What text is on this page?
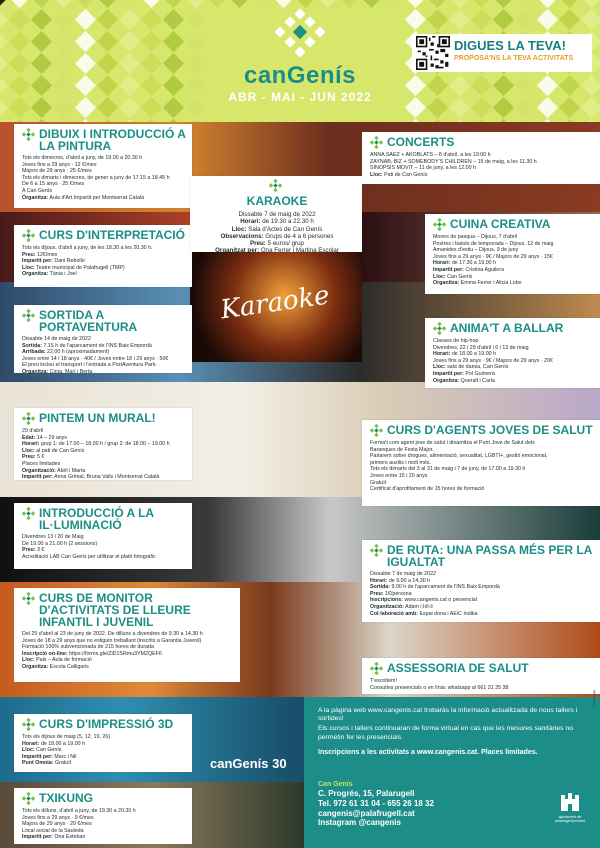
canGenís
ABR - MAI - JUN 2022
DIGUES LA TEVA!
PROPOSA'NS LA TEVA ACTIVITATS
Karaoke
DIBUIX I INTRODUCCIÓ A LA PINTURA
Tots els dimecres, d'abril a juny, de 19.00 a 20.30 h
Joves fins a 29 anys · 12 €/mes
Majors de 29 anys · 25 €/mes
Tots els dimarts i dimecres, de gener a juny de 17.15 a 18.45 h
De 6 a 15 anys · 25 €/mes
A Can Genís
Organitza: Aula d'Art Impartit per Montserrat Català
CURS D'INTERPRETACIÓ
Tots els dijous, d'abril a juny, de les 18.30 a les 20.30 h.
Preu: 12€/mes
Impartit per: Dani Rebollo
Lloc: Teatre municipal de Palafrugell (TMP)
Organitza: Tània i Joel
SORTIDA A PORTAVENTURA
Dissabte 14 de maig de 2022
Sortida: 7.15 h de l'aparcament de l'INS Baix Empordà
Arribada: 22.00 h (aproximadament)
Joves entre 14 i 18 anys · 40€ / Joves entre 18 i 29 anys · 50€
El preu inclou el transport i l'entrada a PortAventura Park.
Organitza: Cinta, Marí i Berta
PINTEM UN MURAL!
29 d'abril
Edat: 14 – 29 anys
Horari: grup 1: de 17.00 – 18.00 h / grup 2: de 18.00 – 19.00 h
Lloc: al pati de Can Genís
Preu: 5 €
Places limitades
Organització: Abril i Marta
Impartit per: Anna Grimal, Bruna Valls i Montserrat Català
INTRODUCCIÓ A LA IL·LUMINACIÓ
Divendres 13 i 20 de Maig
De 19.00 a 21.00 h (2 sessions)
Preu: 3 €
Acreditació LAB Can Genís per utilitzar el plató fotogràfic
CURS DE MONITOR D'ACTIVITATS DE LLEURE INFANTIL I JUVENIL
Del 25 d'abril al 23 de juny de 2022. De dilluns a divendres de 9.30 a 14.30 h
Joves de 18 a 29 anys que no estiguin treballant (inscrits a Garantia Juvenil)
Formació 100% subvencionada de 215 hores de durada
Inscripció on-line: https://forms.gle/ZiD1SRmu3YM2QEF6
Lloc: Pals – Aula de formació
Organitza: Escola Calligaris
CURS D'IMPRESSIÓ 3D
Tots els dijous de maig (5, 12, 19, 26)
Horari: de 18.00 a 19.00 h
Lloc: Can Genís
Impartit per: Marc i Nil
Punt Òmnia: Gratuït	canGenís 30
TXIKUNG
Tots els dilluns, d'abril a juny, de 19.30 a 20.30 h
Joves fins a 29 anys · 9 €/mes
Majors de 29 anys · 20 €/mes
Local social de la Sauleda
Impartit per: Ona Esteban
KARAOKE
Dissabte 7 de maig de 2022
Horari: de 19.30 a 22.30 h
Lloc: Sala d'Actes de Can Genís
Observacions: Grups de 4 a 6 persones
Preu: 5 euros/ grup
Organitzat per: Ona Ferrer i Martina Escolar
CONCERTS
ANNA SAEZ + AKOBLATS – 8 d'abril, a les 19.00 h
ZAYNAB, BIZ + SOMEBODY'S CHILDREN – 15 de maig, a les 11.30 h
SINOPSIS MOVIT – 11 de juny, a les 12.00 h
Lloc: Pati de Can Genís
CUINA CREATIVA
Mones de pasqua – Dijous, 7 d'abril
Postres i batuts de temporada – Dijous, 12 de maig
Amanides d'estiu – Dijous, 9 de juny
Joves fins a 29 anys · 9€ / Majors de 29 anys · 15€
Horari: de 17.30 a 19.00 h
Impartit per: Cristina Aguilera
Lloc: Can Genís
Organitza: Emma Ferrer i Alicia Lobo
ANIMA'T A BALLAR
Classes de hip-hop
Divendres, 22 i 29 d'abril i 6 i 13 de maig
Horari: de 18.00 a 19.00 h
Joves fins a 29 anys · 9€ / Majors de 29 anys · 20€
Lloc: sala de dansa, Can Genís
Impartit per: Pol Guimerà
Organitza: Queralt i Carla
CURS D'AGENTS JOVES DE SALUT
Forma't com agent jove de salut i dinamitza el Punt Jove de Salut dels
Baranques de Festa Major.
Parlarem sobre drogues, alimentació, sexualitat, LGBTI+, gestió emocional,
primers auxilis i molt més.
Tots els dimarts del 3 al 31 de maig i 7 de juny, de 17.00 a 19.30 h
Joves entre 15 i 20 anys
Gratuït
Certificat d'aprofitament de 15 hores de formació
DE RUTA: UNA PASSA MÉS PER LA IGUALTAT
Dissabte 7 de maig de 2022
Horari: de 9.00 a 14.30 h
Sortida: 9.00 h de l'aparcament de l'INS Baix Empordà
Preu: 1€/persona
Inscripcions: www.cangenis.cat o presencial
Organització: Adam i Iril·li
Col·laboració amb: Espai dona i AEiC Indika
ASSESSORIA DE SALUT
T'escoltem!
Consultes presencials o en línia: whatsapp al 661 31 35 38
A la pàgina web www.cangenis.cat trobaràs la informació actualitzada de nous tallers i sortides!
Els cursos i tallers continuaran de forma virtual en cas que les mesures sanitàries no permetin fer les presencials.
Inscripcions a les activitats a www.cangenis.cat. Places limitades.
Can Genís
C. Progrés, 15, Palarugell
Tel. 972 61 31 04 - 655 26 18 32
cangenis@palafrugell.cat
Instagram @cangenis
ajuntament de palafrugell joventut
Dipòsit legal
